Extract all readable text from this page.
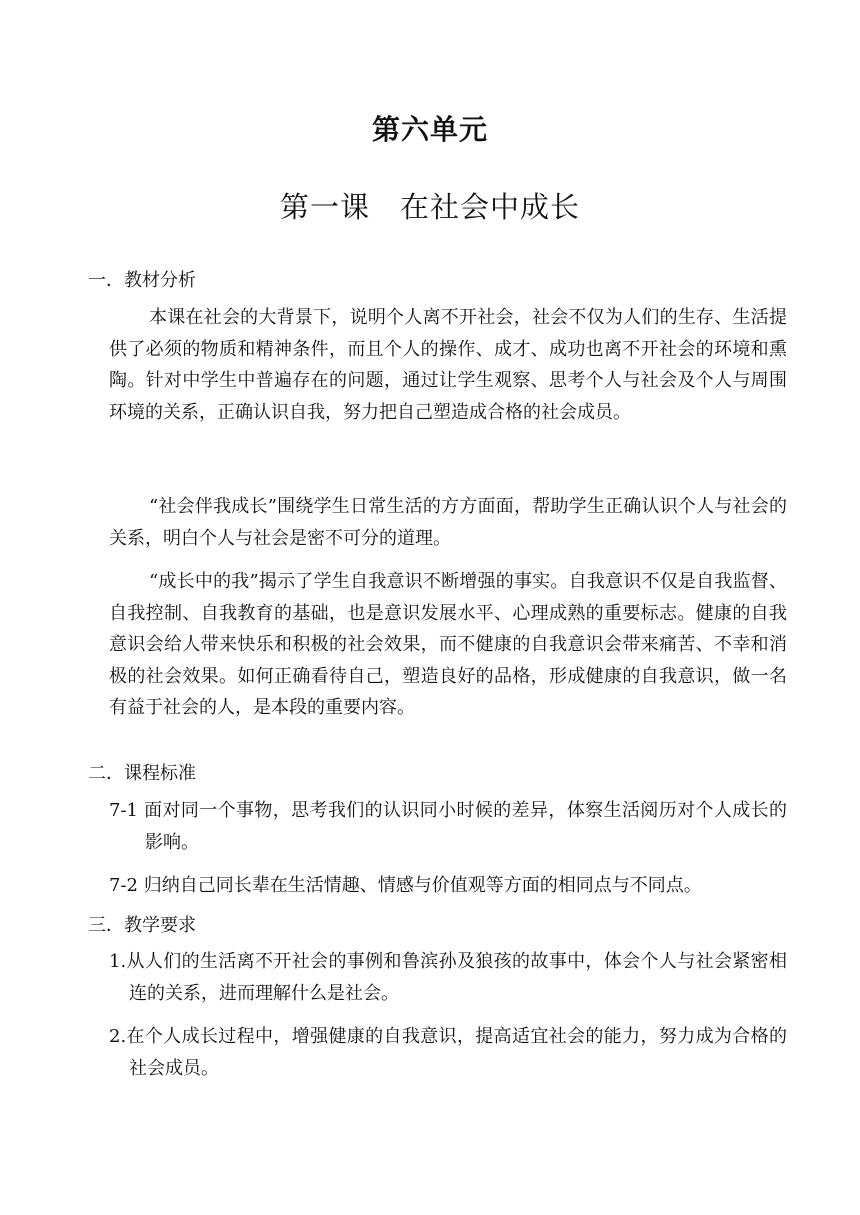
第六单元
第一课　在社会中成长

一．教材分析

本课在社会的大背景下，说明个人离不开社会，社会不仅为人们的生存、生活提供了必须的物质和精神条件，而且个人的操作、成才、成功也离不开社会的环境和熏陶。针对中学生中普遍存在的问题，通过让学生观察、思考个人与社会及个人与周围环境的关系，正确认识自我，努力把自己塑造成合格的社会成员。

“社会伴我成长”围绕学生日常生活的方方面面，帮助学生正确认识个人与社会的关系，明白个人与社会是密不可分的道理。

“成长中的我”揭示了学生自我意识不断增强的事实。自我意识不仅是自我监督、自我控制、自我教育的基础，也是意识发展水平、心理成熟的重要标志。健康的自我意识会给人带来快乐和积极的社会效果，而不健康的自我意识会带来痛苦、不幸和消极的社会效果。如何正确看待自己，塑造良好的品格，形成健康的自我意识，做一名有益于社会的人，是本段的重要内容。

二．课程标准

7-1 面对同一个事物，思考我们的认识同小时候的差异，体察生活阅历对个人成长的影响。

7-2 归纳自己同长辈在生活情趣、情感与价值观等方面的相同点与不同点。

三．教学要求

1.从人们的生活离不开社会的事例和鲁滨孙及狼孩的故事中，体会个人与社会紧密相连的关系，进而理解什么是社会。

2.在个人成长过程中，增强健康的自我意识，提高适宜社会的能力，努力成为合格的社会成员。
